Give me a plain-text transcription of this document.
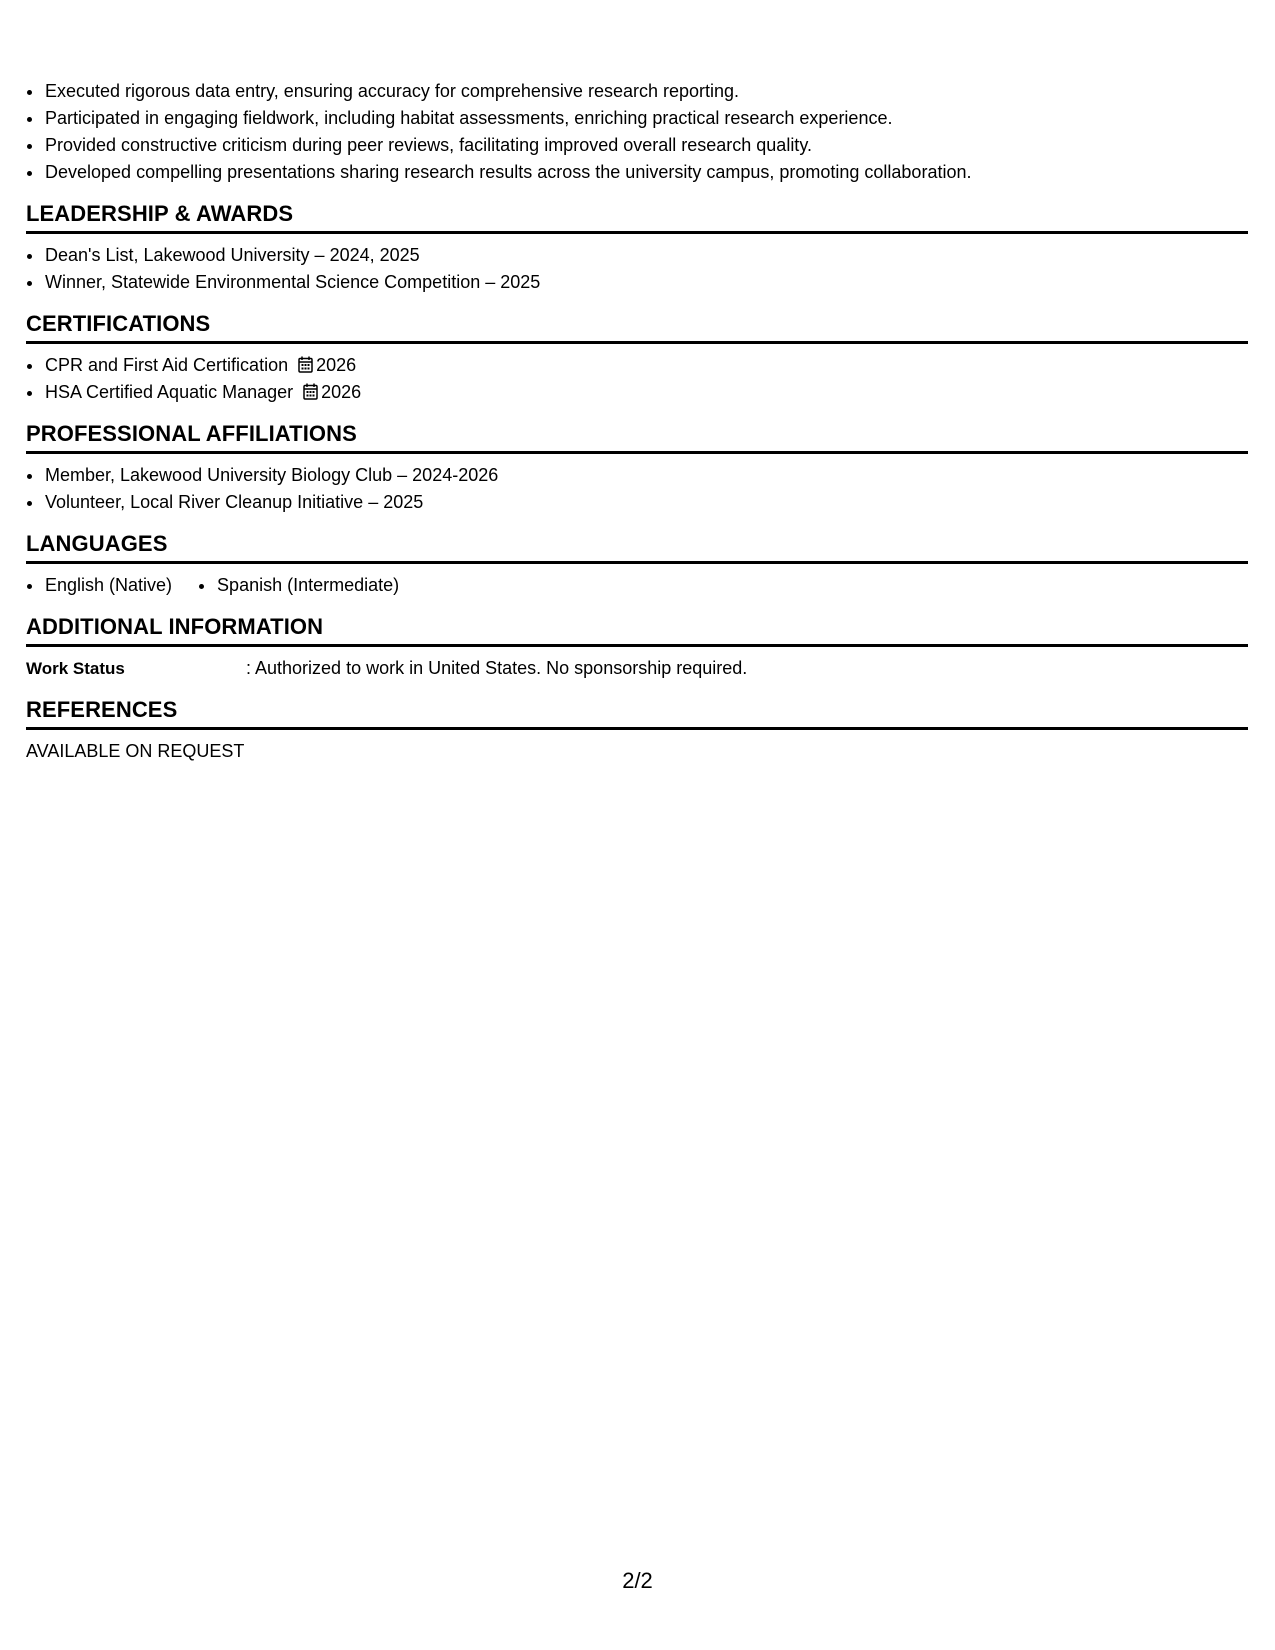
• Executed rigorous data entry, ensuring accuracy for comprehensive research reporting.
• Participated in engaging fieldwork, including habitat assessments, enriching practical research experience.
• Provided constructive criticism during peer reviews, facilitating improved overall research quality.
• Developed compelling presentations sharing research results across the university campus, promoting collaboration.
LEADERSHIP & AWARDS
• Dean's List, Lakewood University – 2024, 2025
• Winner, Statewide Environmental Science Competition – 2025
CERTIFICATIONS
• CPR and First Aid Certification 2026
• HSA Certified Aquatic Manager 2026
PROFESSIONAL AFFILIATIONS
• Member, Lakewood University Biology Club – 2024-2026
• Volunteer, Local River Cleanup Initiative – 2025
LANGUAGES
• English (Native)
•	Spanish (Intermediate)
ADDITIONAL INFORMATION
Work Status	: Authorized to work in United States. No sponsorship required.
REFERENCES
AVAILABLE ON REQUEST
2/2
